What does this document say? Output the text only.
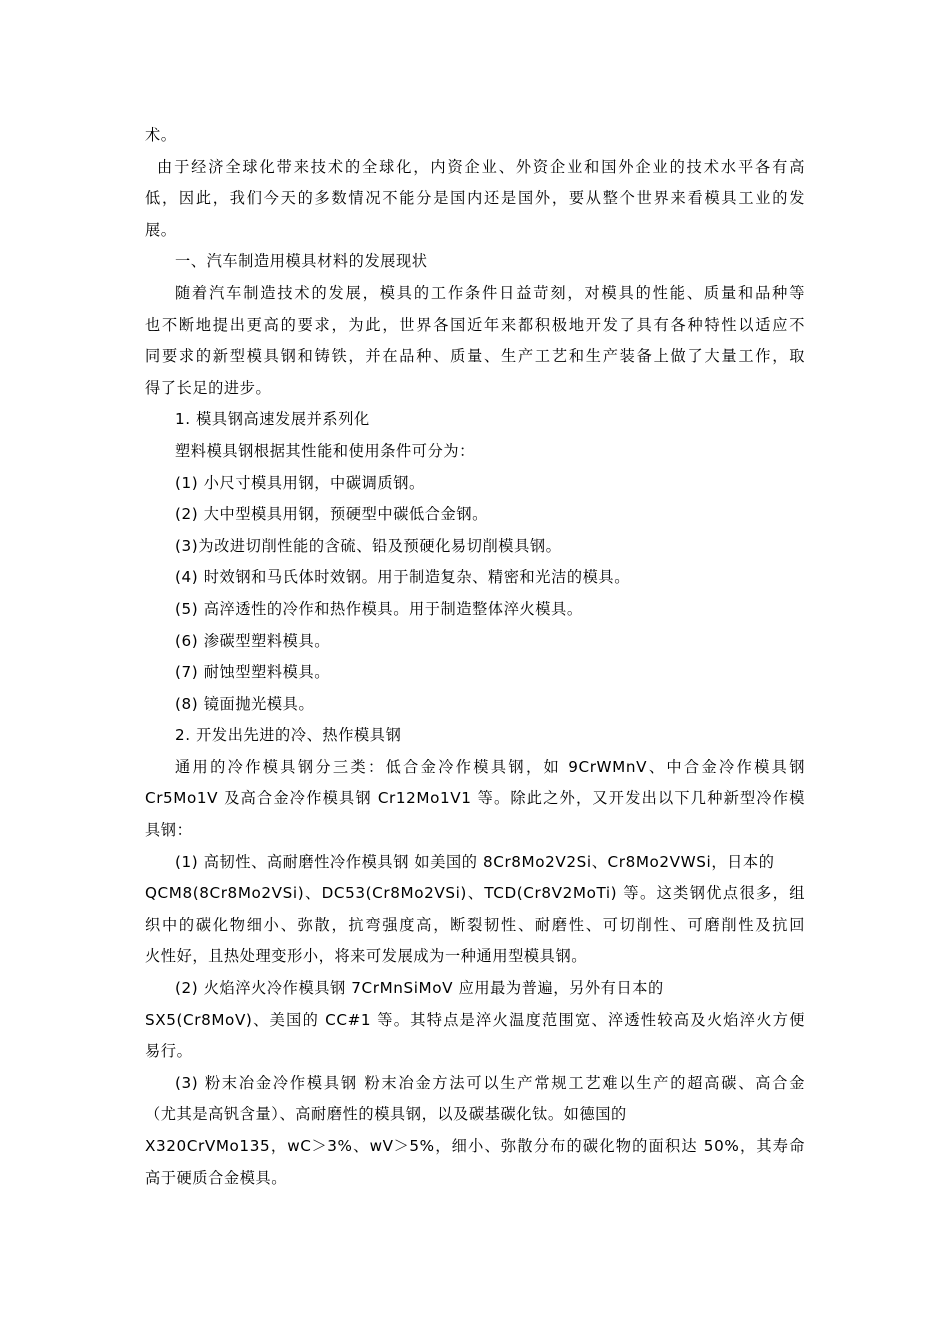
术。
由于经济全球化带来技术的全球化，内资企业、外资企业和国外企业的技术水平各有高
低，因此，我们今天的多数情况不能分是国内还是国外，要从整个世界来看模具工业的发
展。
一、汽车制造用模具材料的发展现状
随着汽车制造技术的发展，模具的工作条件日益苛刻，对模具的性能、质量和品种等
也不断地提出更高的要求，为此，世界各国近年来都积极地开发了具有各种特性以适应不
同要求的新型模具钢和铸铁，并在品种、质量、生产工艺和生产装备上做了大量工作，取
得了长足的进步。
1. 模具钢高速发展并系列化
塑料模具钢根据其性能和使用条件可分为：
(1) 小尺寸模具用钢，中碳调质钢。
(2) 大中型模具用钢，预硬型中碳低合金钢。
(3)为改进切削性能的含硫、铅及预硬化易切削模具钢。
(4) 时效钢和马氏体时效钢。用于制造复杂、精密和光洁的模具。
(5) 高淬透性的冷作和热作模具。用于制造整体淬火模具。
(6) 渗碳型塑料模具。
(7) 耐蚀型塑料模具。
(8) 镜面抛光模具。
2. 开发出先进的冷、热作模具钢
通用的冷作模具钢分三类：低合金冷作模具钢，如 9CrWMnV、中合金冷作模具钢
Cr5Mo1V 及高合金冷作模具钢 Cr12Mo1V1 等。除此之外，又开发出以下几种新型冷作模
具钢：
(1) 高韧性、高耐磨性冷作模具钢 如美国的 8Cr8Mo2V2Si、Cr8Mo2VWSi，日本的
QCM8(8Cr8Mo2VSi)、DC53(Cr8Mo2VSi)、TCD(Cr8V2MoTi) 等。这类钢优点很多，组
织中的碳化物细小、弥散，抗弯强度高，断裂韧性、耐磨性、可切削性、可磨削性及抗回
火性好，且热处理变形小，将来可发展成为一种通用型模具钢。
(2) 火焰淬火冷作模具钢 7CrMnSiMoV 应用最为普遍，另外有日本的
SX5(Cr8MoV)、美国的 CC#1 等。其特点是淬火温度范围宽、淬透性较高及火焰淬火方便
易行。
(3) 粉末冶金冷作模具钢 粉末冶金方法可以生产常规工艺难以生产的超高碳、高合金
（尤其是高钒含量）、高耐磨性的模具钢，以及碳基碳化钛。如德国的
X320CrVMo135，wC＞3%、wV＞5%，细小、弥散分布的碳化物的面积达 50%，其寿命
高于硬质合金模具。
